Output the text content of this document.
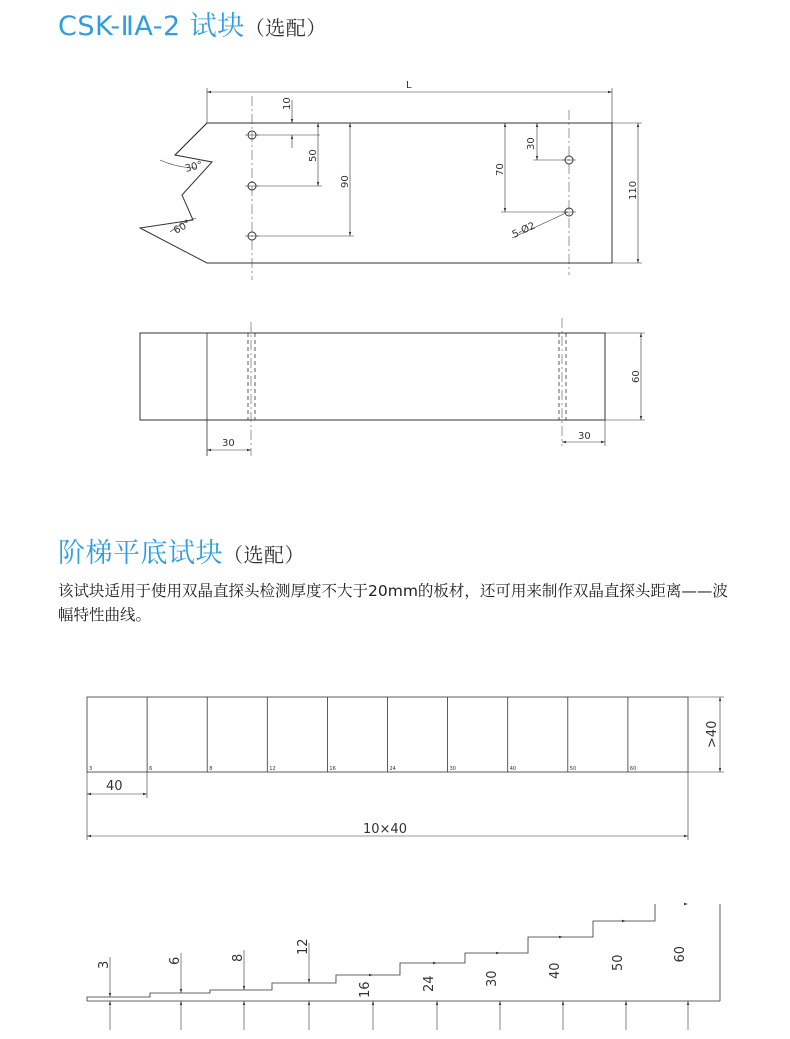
CSK-ⅡA-2 试块（选配）
阶梯平底试块（选配）
该试块适用于使用双晶直探头检测厚度不大于20mm的板材，还可用来制作双晶直探头距离——波幅特性曲线。
L
10
50
90
30°
60°
70
30
5-Ø2
110
60
30
30
3	6	8	12	16	24	30	40	50	60
40
10×40
>40
3	6	8
12
16	24	30	40	50
60
